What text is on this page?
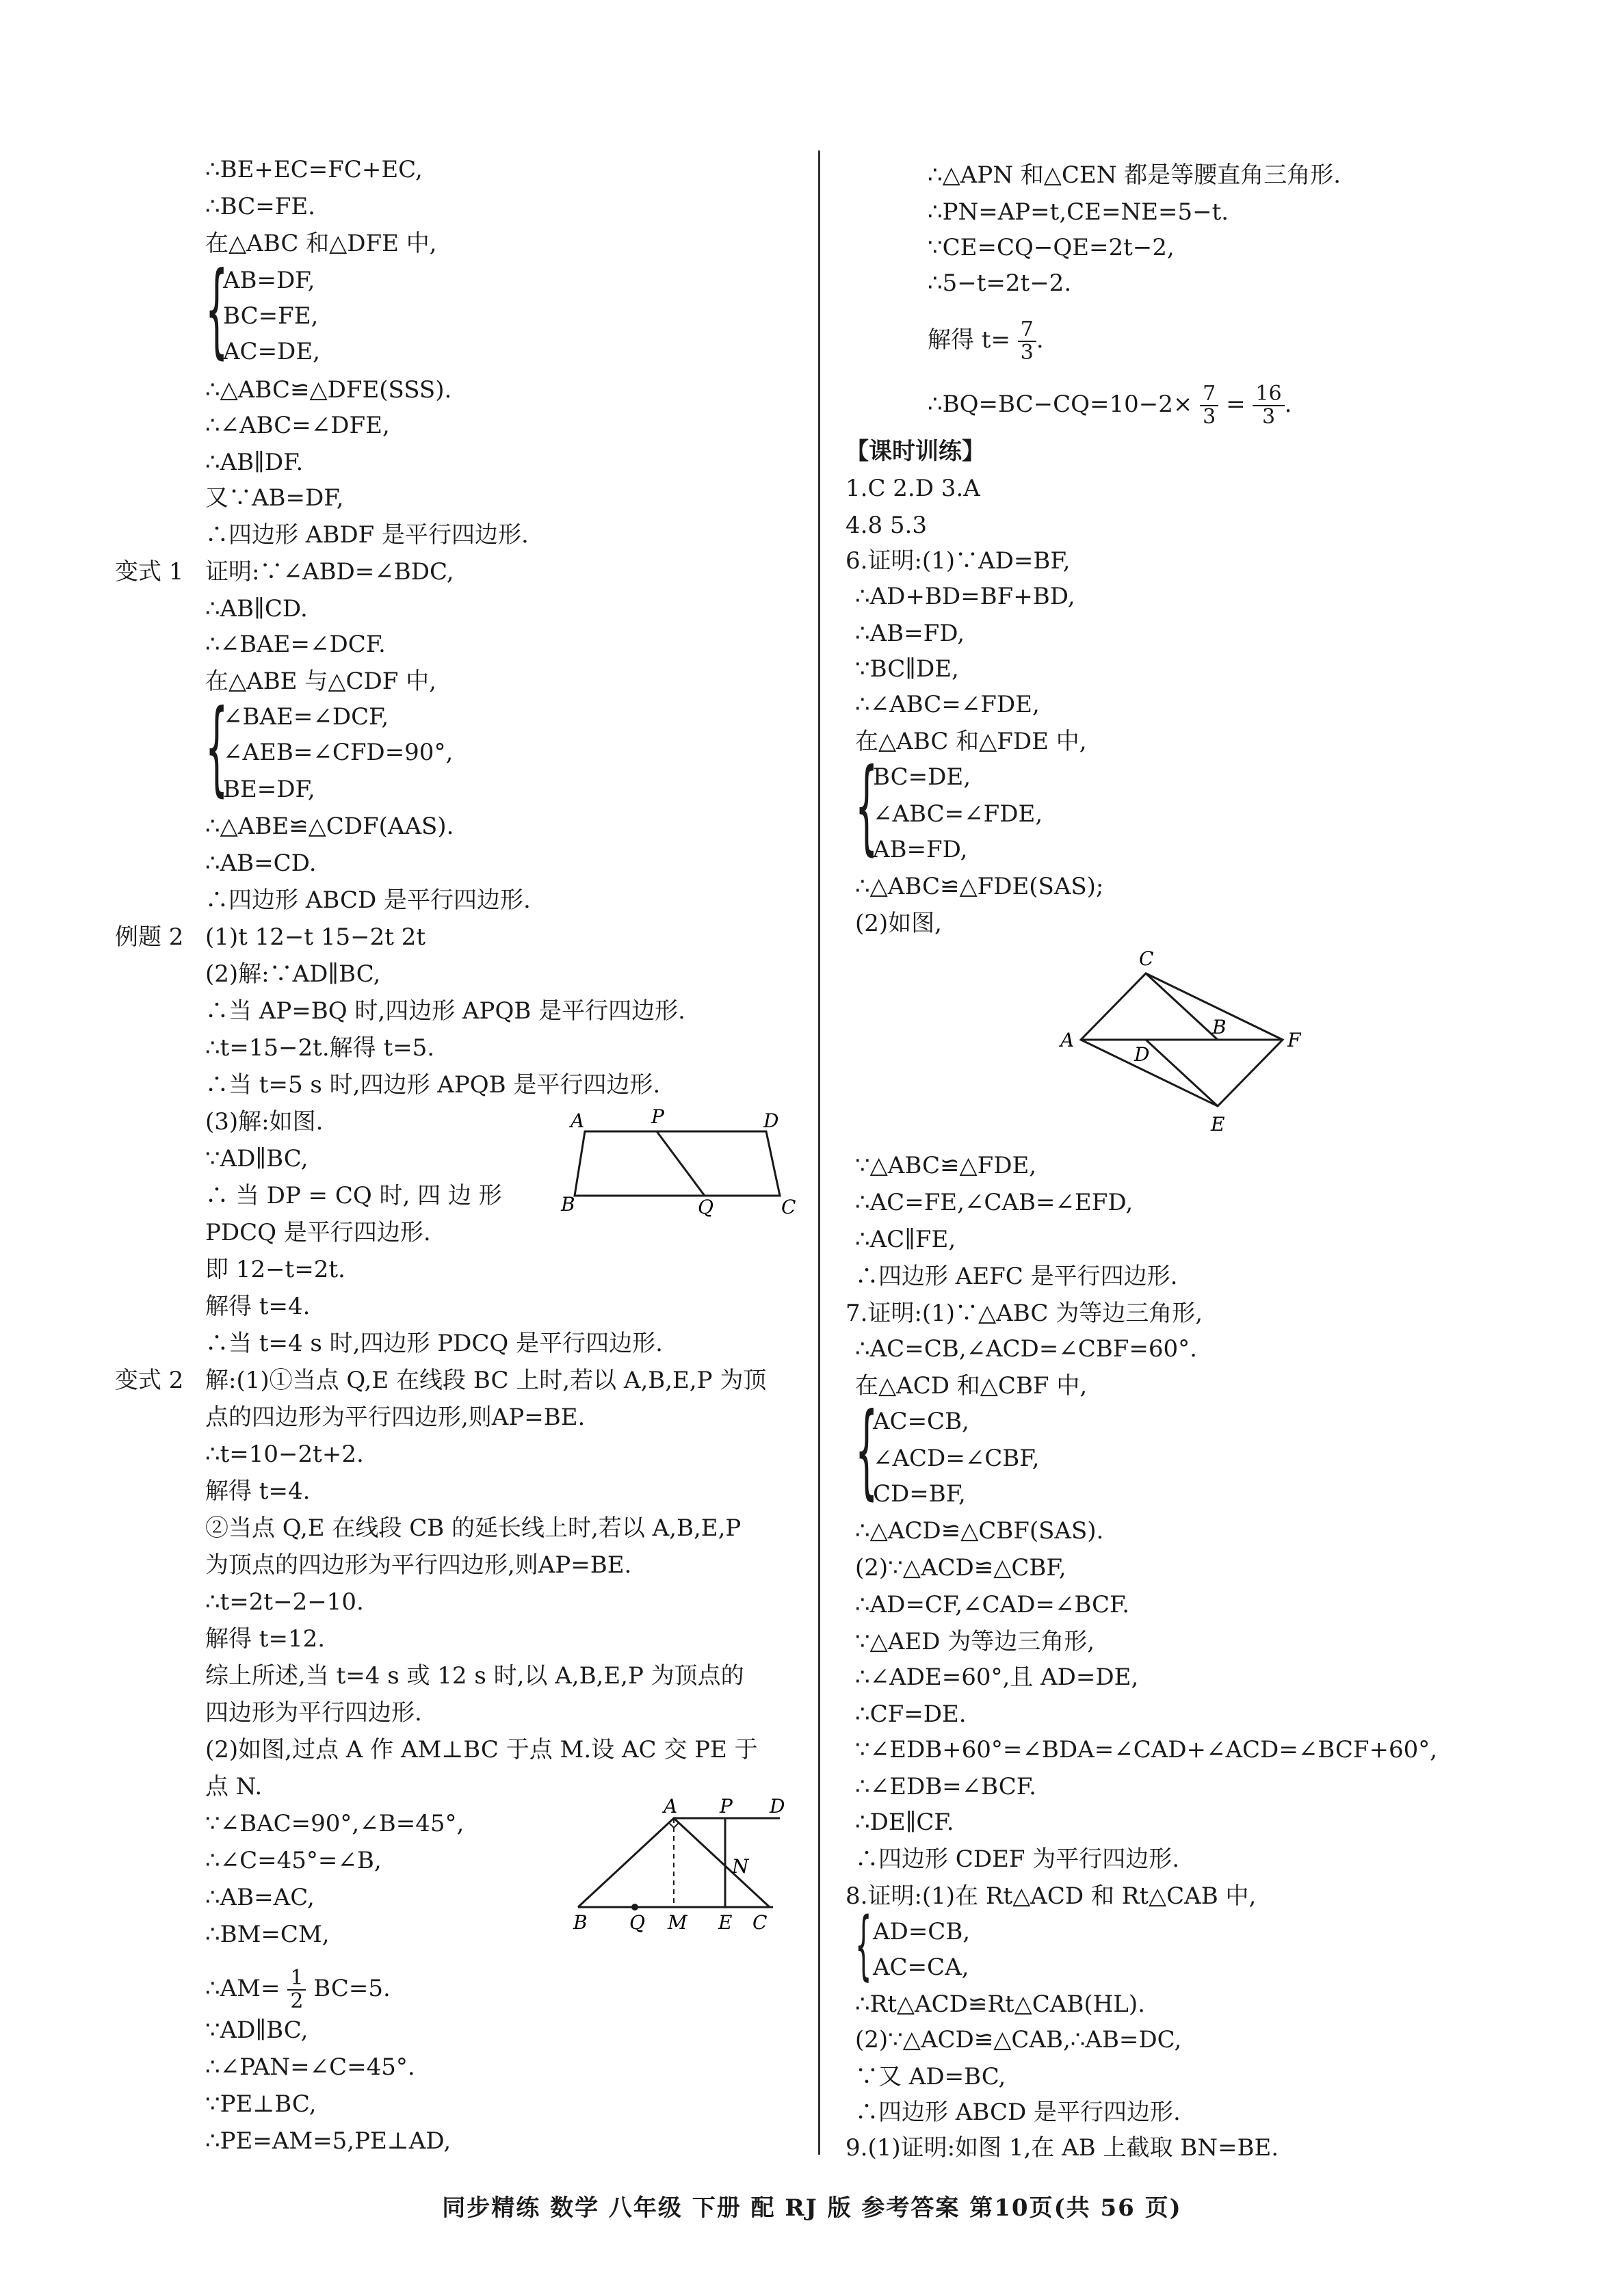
∴BE+EC=FC+EC,
∴BC=FE.
在△ABC 和△DFE 中,
{
AB=DF,
BC=FE,
AC=DE,
∴△ABC≌△DFE(SSS).
∴∠ABC=∠DFE,
∴AB∥DF.
又∵AB=DF,
∴四边形 ABDF 是平行四边形.
变式 1 证明:∵∠ABD=∠BDC,
∴AB∥CD.
∴∠BAE=∠DCF.
在△ABE 与△CDF 中,
{
∠BAE=∠DCF,
∠AEB=∠CFD=90°,
BE=DF,
∴△ABE≌△CDF(AAS).
∴AB=CD.
∴四边形 ABCD 是平行四边形.
例题 2 (1)t 12−t 15−2t 2t
(2)解:∵AD∥BC,
∴当 AP=BQ 时,四边形 APQB 是平行四边形.
∴t=15−2t.解得 t=5.
∴当 t=5 s 时,四边形 APQB 是平行四边形.
(3)解:如图.
∵AD∥BC,
∴ 当 DP = CQ 时, 四 边 形
PDCQ 是平行四边形.
即 12−t=2t.
解得 t=4.
∴当 t=4 s 时,四边形 PDCQ 是平行四边形.
A	P	D
B	Q	C
变式 2 解:(1)①当点 Q,E 在线段 BC 上时,若以 A,B,E,P 为顶
点的四边形为平行四边形,则AP=BE.
∴t=10−2t+2.
解得 t=4.
②当点 Q,E 在线段 CB 的延长线上时,若以 A,B,E,P
为顶点的四边形为平行四边形,则AP=BE.
∴t=2t−2−10.
解得 t=12.
综上所述,当 t=4 s 或 12 s 时,以 A,B,E,P 为顶点的
四边形为平行四边形.
(2)如图,过点 A 作 AM⊥BC 于点 M.设 AC 交 PE 于
点 N.
∵∠BAC=90°,∠B=45°,
∴∠C=45°=∠B,
∴AB=AC,
∴BM=CM,
∴AM= $\frac{1}{2} BC=5$.
∵AD∥BC,
∴∠PAN=∠C=45°.
∵PE⊥BC,
∴PE=AM=5,PE⊥AD,
A P D
N
B Q M E C
∴△APN 和△CEN 都是等腰直角三角形.
∴PN=AP=t,CE=NE=5−t.
∵CE=CQ−QE=2t−2,
∴5−t=2t−2.
解得 $t= \frac{7}{3}$ .
∴BQ=BC−CQ=10−2× $\frac{7}{3} = \frac{16}{3}$ .
【课时训练】
1.C 2.D 3.A
4.8 5.3
6.证明:(1)∵AD=BF,
∴AD+BD=BF+BD,
∴AB=FD,
∵BC∥DE,
∴∠ABC=∠FDE,
在△ABC 和△FDE 中,
{
BC=DE,
∠ABC=∠FDE,
AB=FD,
∴△ABC≌△FDE(SAS);
(2)如图,
C
B
A
D
F
E
∵△ABC≌△FDE,
∴AC=FE,∠CAB=∠EFD,
∴AC∥FE,
∴四边形 AEFC 是平行四边形.
7.证明:(1)∵△ABC 为等边三角形,
∴AC=CB,∠ACD=∠CBF=60°.
在△ACD 和△CBF 中,
{
AC=CB,
∠ACD=∠CBF,
CD=BF,
∴△ACD≌△CBF(SAS).
(2)∵△ACD≌△CBF,
∴AD=CF,∠CAD=∠BCF.
∵△AED 为等边三角形,
∴∠ADE=60°,且 AD=DE,
∴CF=DE.
∵∠EDB+60°=∠BDA=∠CAD+∠ACD=∠BCF+60°,
∴∠EDB=∠BCF.
∴DE∥CF.
∴四边形 CDEF 为平行四边形.
8.证明:(1)在 Rt△ACD 和 Rt△CAB 中,
{ AD=CB,
AC=CA,
∴Rt△ACD≌Rt△CAB(HL).
(2)∵△ACD≌△CAB,∴AB=DC,
∵又 AD=BC,
∴四边形 ABCD 是平行四边形.
9.(1)证明:如图 1,在 AB 上截取 BN=BE.
同步精练 数学 八年级 下册 配 RJ 版 参考答案 第10页(共 56 页)
